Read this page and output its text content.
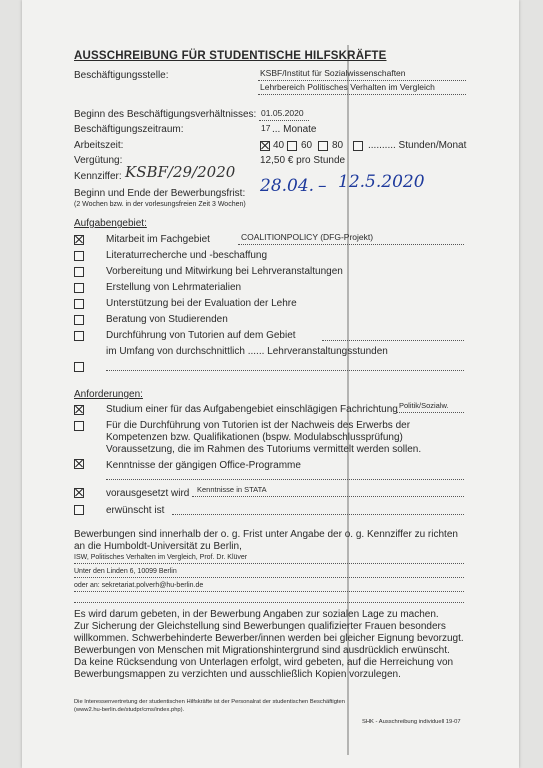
AUSSCHREIBUNG FÜR STUDENTISCHE HILFSKRÄFTE
Beschäftigungsstelle:	KSBF/Institut für Sozialwissenschaften
Lehrbereich Politisches Verhalten im Vergleich
Beginn des Beschäftigungsverhältnisses: 01.05.2020
Beschäftigungszeitraum:	17 ... Monate
Arbeitszeit:	40 60 80 .......... Stunden/Monat
Vergütung:	12,50 € pro Stunde
Kennziffer: KSBF/29/2020
Beginn und Ende der Bewerbungsfrist:
(2 Wochen bzw. in der vorlesungsfreien Zeit 3 Wochen)
28.04. – 12.5.2020
Aufgabengebiet:
Mitarbeit im Fachgebiet	COALITIONPOLICY (DFG-Projekt)
Literaturrecherche und -beschaffung
Vorbereitung und Mitwirkung bei Lehrveranstaltungen
Erstellung von Lehrmaterialien
Unterstützung bei der Evaluation der Lehre
Beratung von Studierenden
Durchführung von Tutorien auf dem Gebiet
im Umfang von durchschnittlich ...... Lehrveranstaltungsstunden
Anforderungen:
Studium einer für das Aufgabengebiet einschlägigen Fachrichtung Politik/Sozialw.
Für die Durchführung von Tutorien ist der Nachweis des Erwerbs der
Kompetenzen bzw. Qualifikationen (bspw. Modulabschlussprüfung)
Voraussetzung, die im Rahmen des Tutoriums vermittelt werden sollen.
Kenntnisse der gängigen Office-Programme
vorausgesetzt wird Kenntnisse in STATA
erwünscht ist
Bewerbungen sind innerhalb der o. g. Frist unter Angabe der o. g. Kennziffer zu richten
an die Humboldt-Universität zu Berlin,
ISW, Politisches Verhalten im Vergleich, Prof. Dr. Klüver
Unter den Linden 6, 10099 Berlin
oder an: sekretariat.polverh@hu-berlin.de
Es wird darum gebeten, in der Bewerbung Angaben zur sozialen Lage zu machen.
Zur Sicherung der Gleichstellung sind Bewerbungen qualifizierter Frauen besonders
willkommen. Schwerbehinderte Bewerber/innen werden bei gleicher Eignung bevorzugt.
Bewerbungen von Menschen mit Migrationshintergrund sind ausdrücklich erwünscht.
Da keine Rücksendung von Unterlagen erfolgt, wird gebeten, auf die Herreichung von
Bewerbungsmappen zu verzichten und ausschließlich Kopien vorzulegen.
Die Interessenvertretung der studentischen Hilfskräfte ist der Personalrat der studentischen Beschäftigten
(www2.hu-berlin.de/studpr/cms/index.php).
SHK - Ausschreibung individuell 19-07
